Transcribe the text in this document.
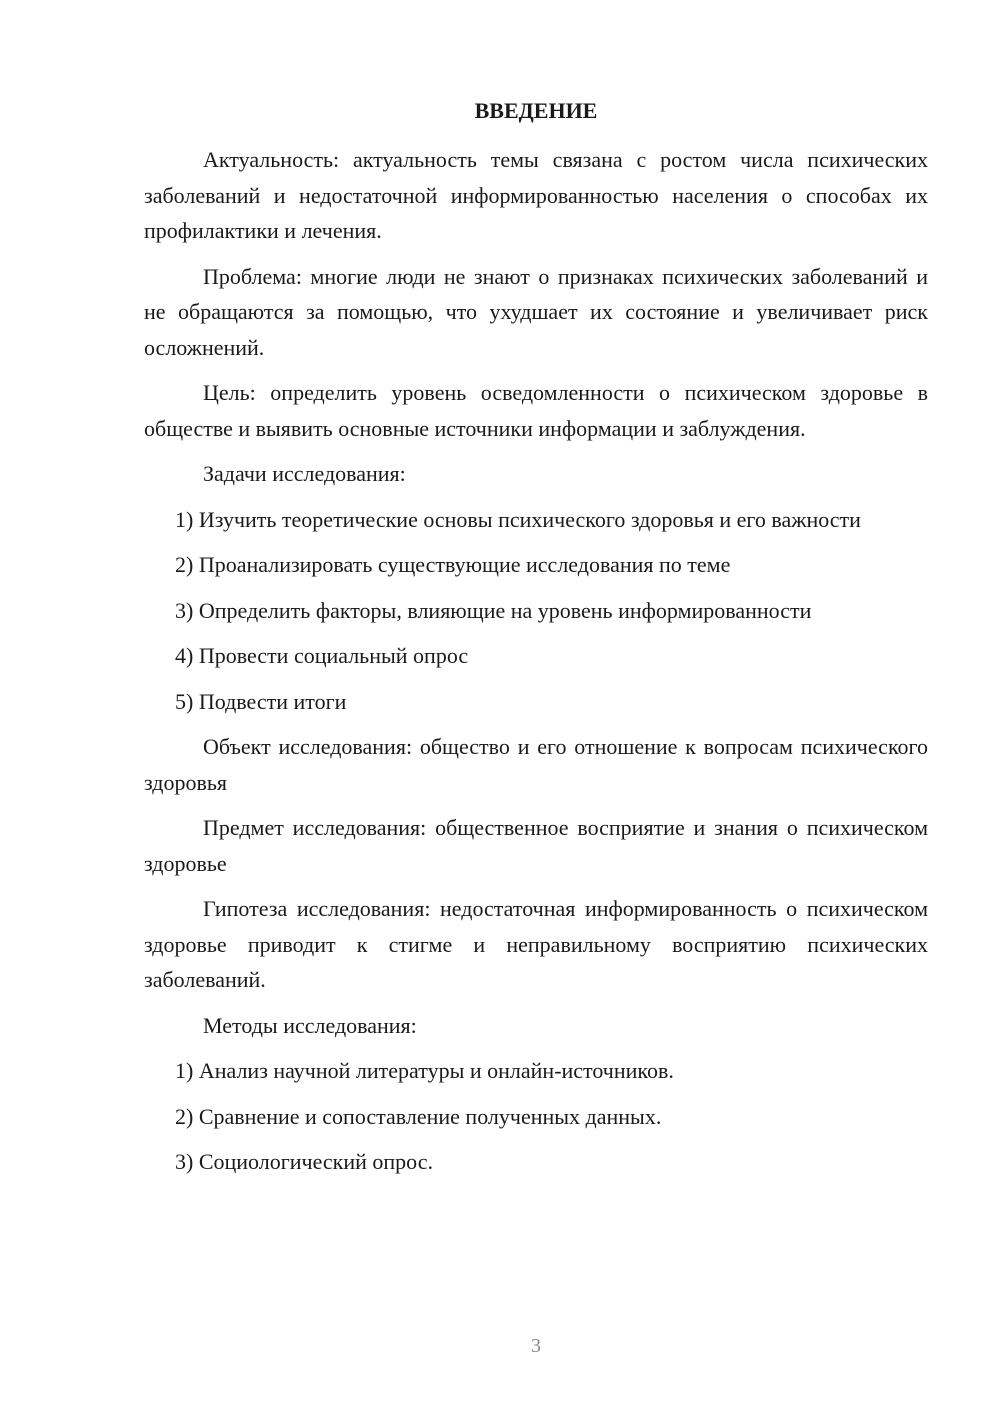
ВВЕДЕНИЕ

Актуальность: актуальность темы связана с ростом числа психических заболеваний и недостаточной информированностью населения о способах их профилактики и лечения.

Проблема: многие люди не знают о признаках психических заболеваний и не обращаются за помощью, что ухудшает их состояние и увеличивает риск осложнений.

Цель: определить уровень осведомленности о психическом здоровье в обществе и выявить основные источники информации и заблуждения.

Задачи исследования:

1) Изучить теоретические основы психического здоровья и его важности

2) Проанализировать существующие исследования по теме

3) Определить факторы, влияющие на уровень информированности

4) Провести социальный опрос

5) Подвести итоги

Объект исследования: общество и его отношение к вопросам психического здоровья

Предмет исследования: общественное восприятие и знания о психическом здоровье

Гипотеза исследования: недостаточная информированность о психическом здоровье приводит к стигме и неправильному восприятию психических заболеваний.

Методы исследования:

1) Анализ научной литературы и онлайн-источников.

2) Сравнение и сопоставление полученных данных.

3) Социологический опрос.

3
